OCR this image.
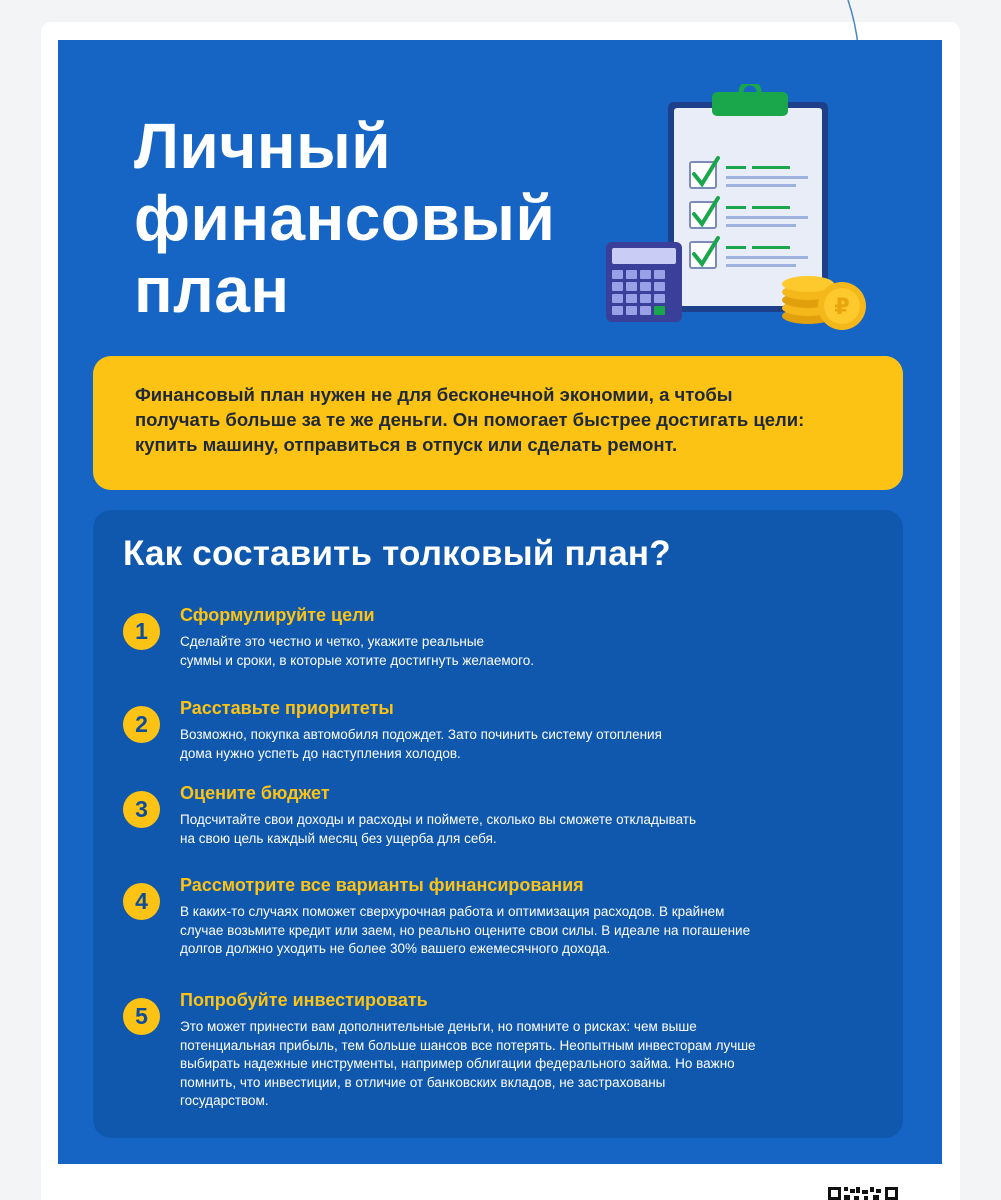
Личный
финансовый
план	₽
Финансовый план нужен не для бесконечной экономии, а чтобы
получать больше за те же деньги. Он помогает быстрее достигать цели:
купить машину, отправиться в отпуск или сделать ремонт.
Как составить толковый план?
1
Сформулируйте цели
Сделайте это честно и четко, укажите реальные
суммы и сроки, в которые хотите достигнуть желаемого.
2
Расставьте приоритеты
Возможно, покупка автомобиля подождет. Зато починить систему отопления
дома нужно успеть до наступления холодов.
3
Оцените бюджет
Подсчитайте свои доходы и расходы и поймете, сколько вы сможете откладывать
на свою цель каждый месяц без ущерба для себя.
4
Рассмотрите все варианты финансирования
В каких-то случаях поможет сверхурочная работа и оптимизация расходов. В крайнем
случае возьмите кредит или заем, но реально оцените свои силы. В идеале на погашение
долгов должно уходить не более 30% вашего ежемесячного дохода.
5
Попробуйте инвестировать
Это может принести вам дополнительные деньги, но помните о рисках: чем выше
потенциальная прибыль, тем больше шансов все потерять. Неопытным инвесторам лучше
выбирать надежные инструменты, например облигации федерального займа. Но важно
помнить, что инвестиции, в отличие от банковских вкладов, не застрахованы
государством.
